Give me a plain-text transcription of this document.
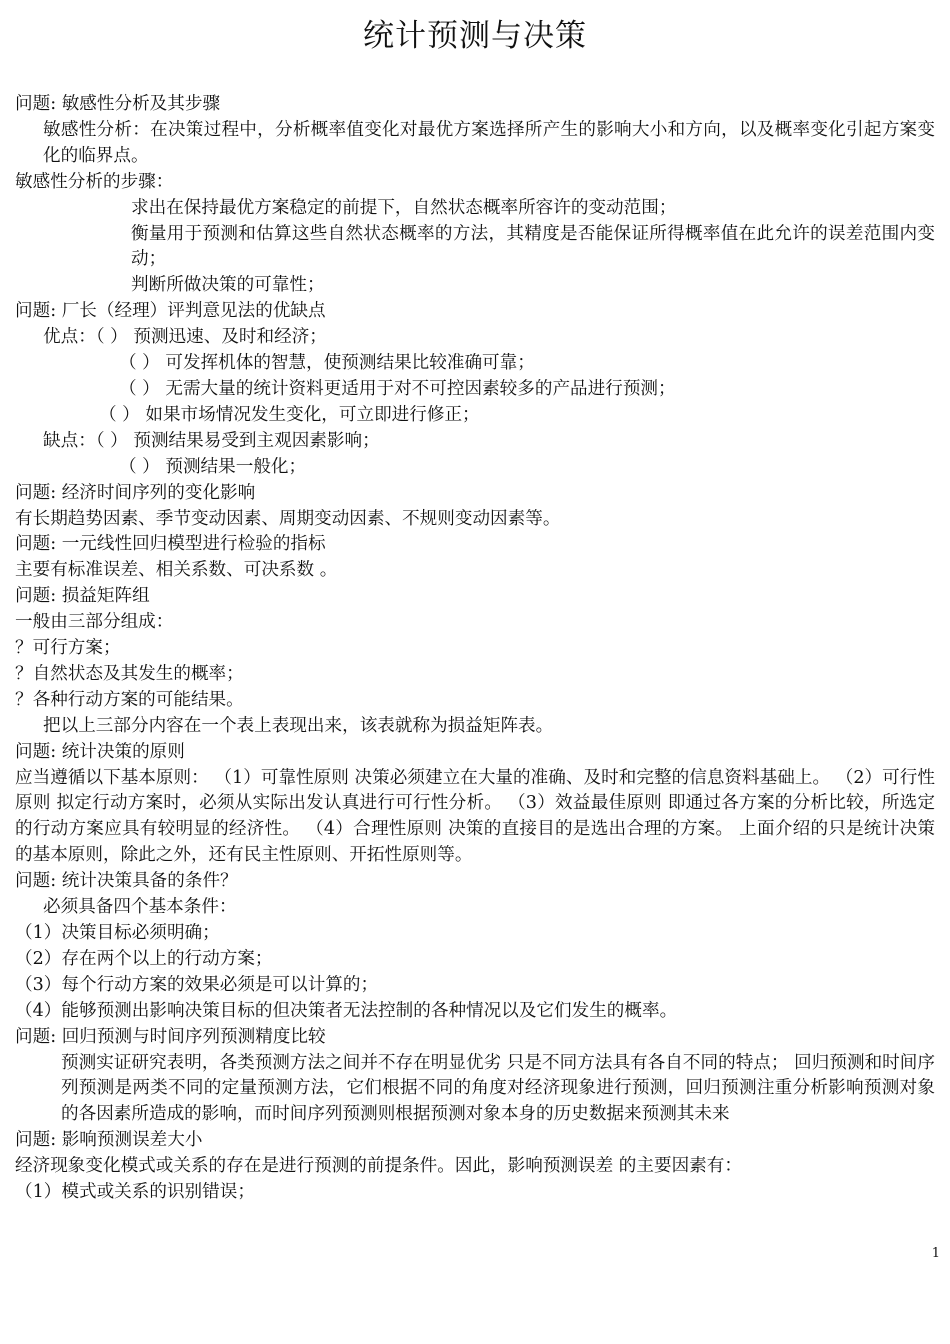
统计预测与决策

问题: 敏感性分析及其步骤

敏感性分析：在决策过程中，分析概率值变化对最优方案选择所产生的影响大小和方向，以及概率变化引起方案变化的临界点。

敏感性分析的步骤：

求出在保持最优方案稳定的前提下，自然状态概率所容许的变动范围；

衡量用于预测和估算这些自然状态概率的方法，其精度是否能保证所得概率值在此允许的误差范围内变动；

判断所做决策的可靠性；

问题: 厂长（经理）评判意见法的优缺点

优点：（ ） 预测迅速、及时和经济；

（ ） 可发挥机体的智慧，使预测结果比较准确可靠；

（ ） 无需大量的统计资料更适用于对不可控因素较多的产品进行预测；

（ ） 如果市场情况发生变化，可立即进行修正；

缺点：（ ） 预测结果易受到主观因素影响；

（ ） 预测结果一般化；

问题: 经济时间序列的变化影响

有长期趋势因素、季节变动因素、周期变动因素、不规则变动因素等。

问题: 一元线性回归模型进行检验的指标

主要有标准误差、相关系数、可决系数 。

问题: 损益矩阵组

一般由三部分组成：

？可行方案；

？自然状态及其发生的概率；

？各种行动方案的可能结果。

把以上三部分内容在一个表上表现出来，该表就称为损益矩阵表。

问题: 统计决策的原则

应当遵循以下基本原则： （1）可靠性原则 决策必须建立在大量的准确、及时和完整的信息资料基础上。 （2）可行性原则 拟定行动方案时，必须从实际出发认真进行可行性分析。 （3）效益最佳原则 即通过各方案的分析比较，所选定的行动方案应具有较明显的经济性。 （4）合理性原则 决策的直接目的是选出合理的方案。 上面介绍的只是统计决策的基本原则，除此之外，还有民主性原则、开拓性原则等。

问题: 统计决策具备的条件？

必须具备四个基本条件：

（1）决策目标必须明确；

（2）存在两个以上的行动方案；

（3）每个行动方案的效果必须是可以计算的；

（4）能够预测出影响决策目标的但决策者无法控制的各种情况以及它们发生的概率。

问题: 回归预测与时间序列预测精度比较

预测实证研究表明，各类预测方法之间并不存在明显优劣 只是不同方法具有各自不同的特点； 回归预测和时间序列预测是两类不同的定量预测方法，它们根据不同的角度对经济现象进行预测，回归预测注重分析影响预测对象的各因素所造成的影响，而时间序列预测则根据预测对象本身的历史数据来预测其未来

问题: 影响预测误差大小

经济现象变化模式或关系的存在是进行预测的前提条件。因此，影响预测误差 的主要因素有：

（1）模式或关系的识别错误；

1
